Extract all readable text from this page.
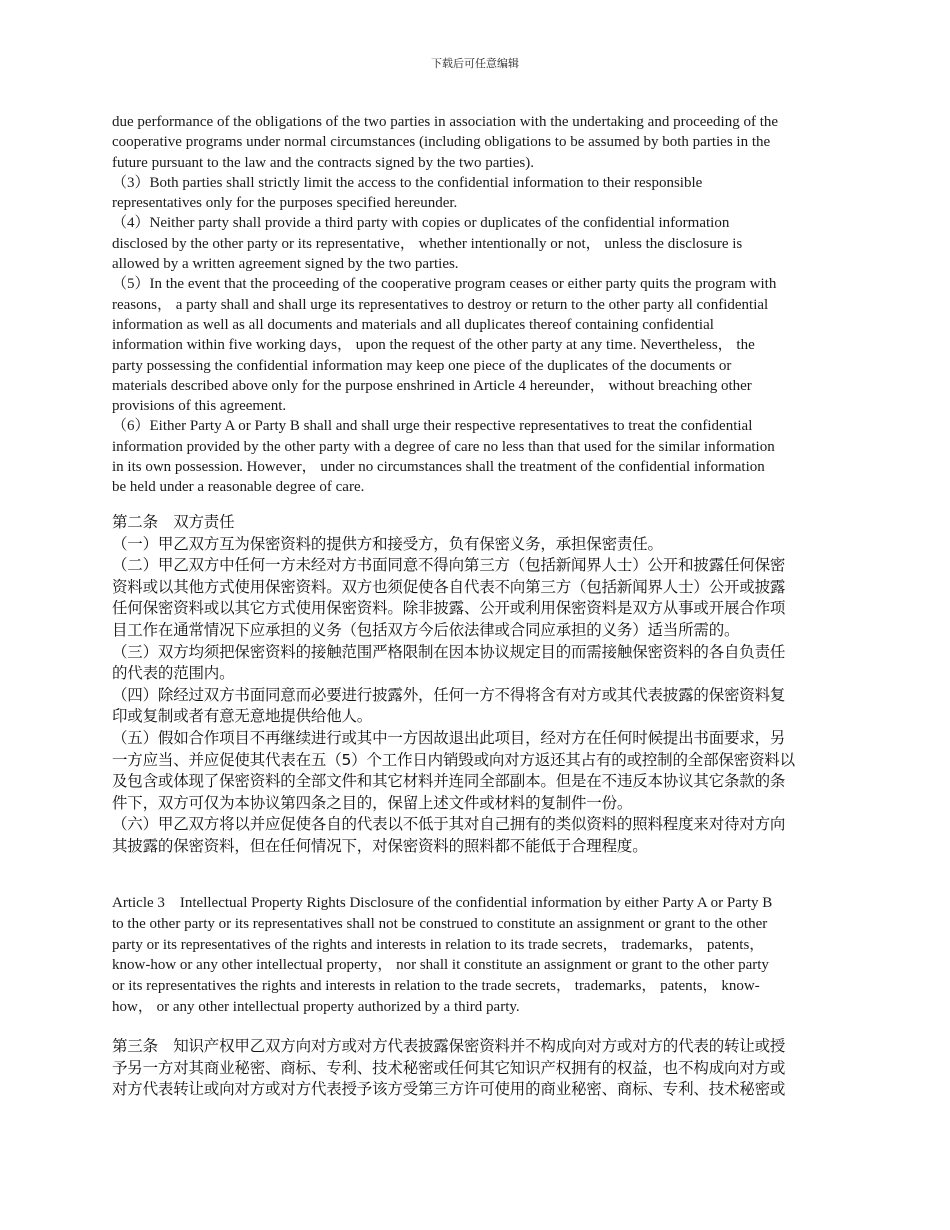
下载后可任意编辑
due performance of the obligations of the two parties in association with the undertaking and proceeding of the
cooperative programs under normal circumstances (including obligations to be assumed by both parties in the
future pursuant to the law and the contracts signed by the two parties).
（3）Both parties shall strictly limit the access to the confidential information to their responsible
representatives only for the purposes specified hereunder.
（4）Neither party shall provide a third party with copies or duplicates of the confidential information
disclosed by the other party or its representative， whether intentionally or not， unless the disclosure is
allowed by a written agreement signed by the two parties.
（5）In the event that the proceeding of the cooperative program ceases or either party quits the program with
reasons， a party shall and shall urge its representatives to destroy or return to the other party all confidential
information as well as all documents and materials and all duplicates thereof containing confidential
information within five working days， upon the request of the other party at any time. Nevertheless， the
party possessing the confidential information may keep one piece of the duplicates of the documents or
materials described above only for the purpose enshrined in Article 4 hereunder， without breaching other
provisions of this agreement.
（6）Either Party A or Party B shall and shall urge their respective representatives to treat the confidential
information provided by the other party with a degree of care no less than that used for the similar information
in its own possession. However， under no circumstances shall the treatment of the confidential information
be held under a reasonable degree of care.
第二条　双方责任
（一）甲乙双方互为保密资料的提供方和接受方，负有保密义务，承担保密责任。
（二）甲乙双方中任何一方未经对方书面同意不得向第三方（包括新闻界人士）公开和披露任何保密
资料或以其他方式使用保密资料。双方也须促使各自代表不向第三方（包括新闻界人士）公开或披露
任何保密资料或以其它方式使用保密资料。除非披露、公开或利用保密资料是双方从事或开展合作项
目工作在通常情况下应承担的义务（包括双方今后依法律或合同应承担的义务）适当所需的。
（三）双方均须把保密资料的接触范围严格限制在因本协议规定目的而需接触保密资料的各自负责任
的代表的范围内。
（四）除经过双方书面同意而必要进行披露外，任何一方不得将含有对方或其代表披露的保密资料复
印或复制或者有意无意地提供给他人。
（五）假如合作项目不再继续进行或其中一方因故退出此项目，经对方在任何时候提出书面要求，另
一方应当、并应促使其代表在五（5）个工作日内销毁或向对方返还其占有的或控制的全部保密资料以
及包含或体现了保密资料的全部文件和其它材料并连同全部副本。但是在不违反本协议其它条款的条
件下，双方可仅为本协议第四条之目的，保留上述文件或材料的复制件一份。
（六）甲乙双方将以并应促使各自的代表以不低于其对自己拥有的类似资料的照料程度来对待对方向
其披露的保密资料，但在任何情况下，对保密资料的照料都不能低于合理程度。
Article 3　Intellectual Property Rights Disclosure of the confidential information by either Party A or Party B
to the other party or its representatives shall not be construed to constitute an assignment or grant to the other
party or its representatives of the rights and interests in relation to its trade secrets， trademarks， patents，
know-how or any other intellectual property， nor shall it constitute an assignment or grant to the other party
or its representatives the rights and interests in relation to the trade secrets， trademarks， patents， know-
how， or any other intellectual property authorized by a third party.
第三条　知识产权甲乙双方向对方或对方代表披露保密资料并不构成向对方或对方的代表的转让或授
予另一方对其商业秘密、商标、专利、技术秘密或任何其它知识产权拥有的权益，也不构成向对方或
对方代表转让或向对方或对方代表授予该方受第三方许可使用的商业秘密、商标、专利、技术秘密或
